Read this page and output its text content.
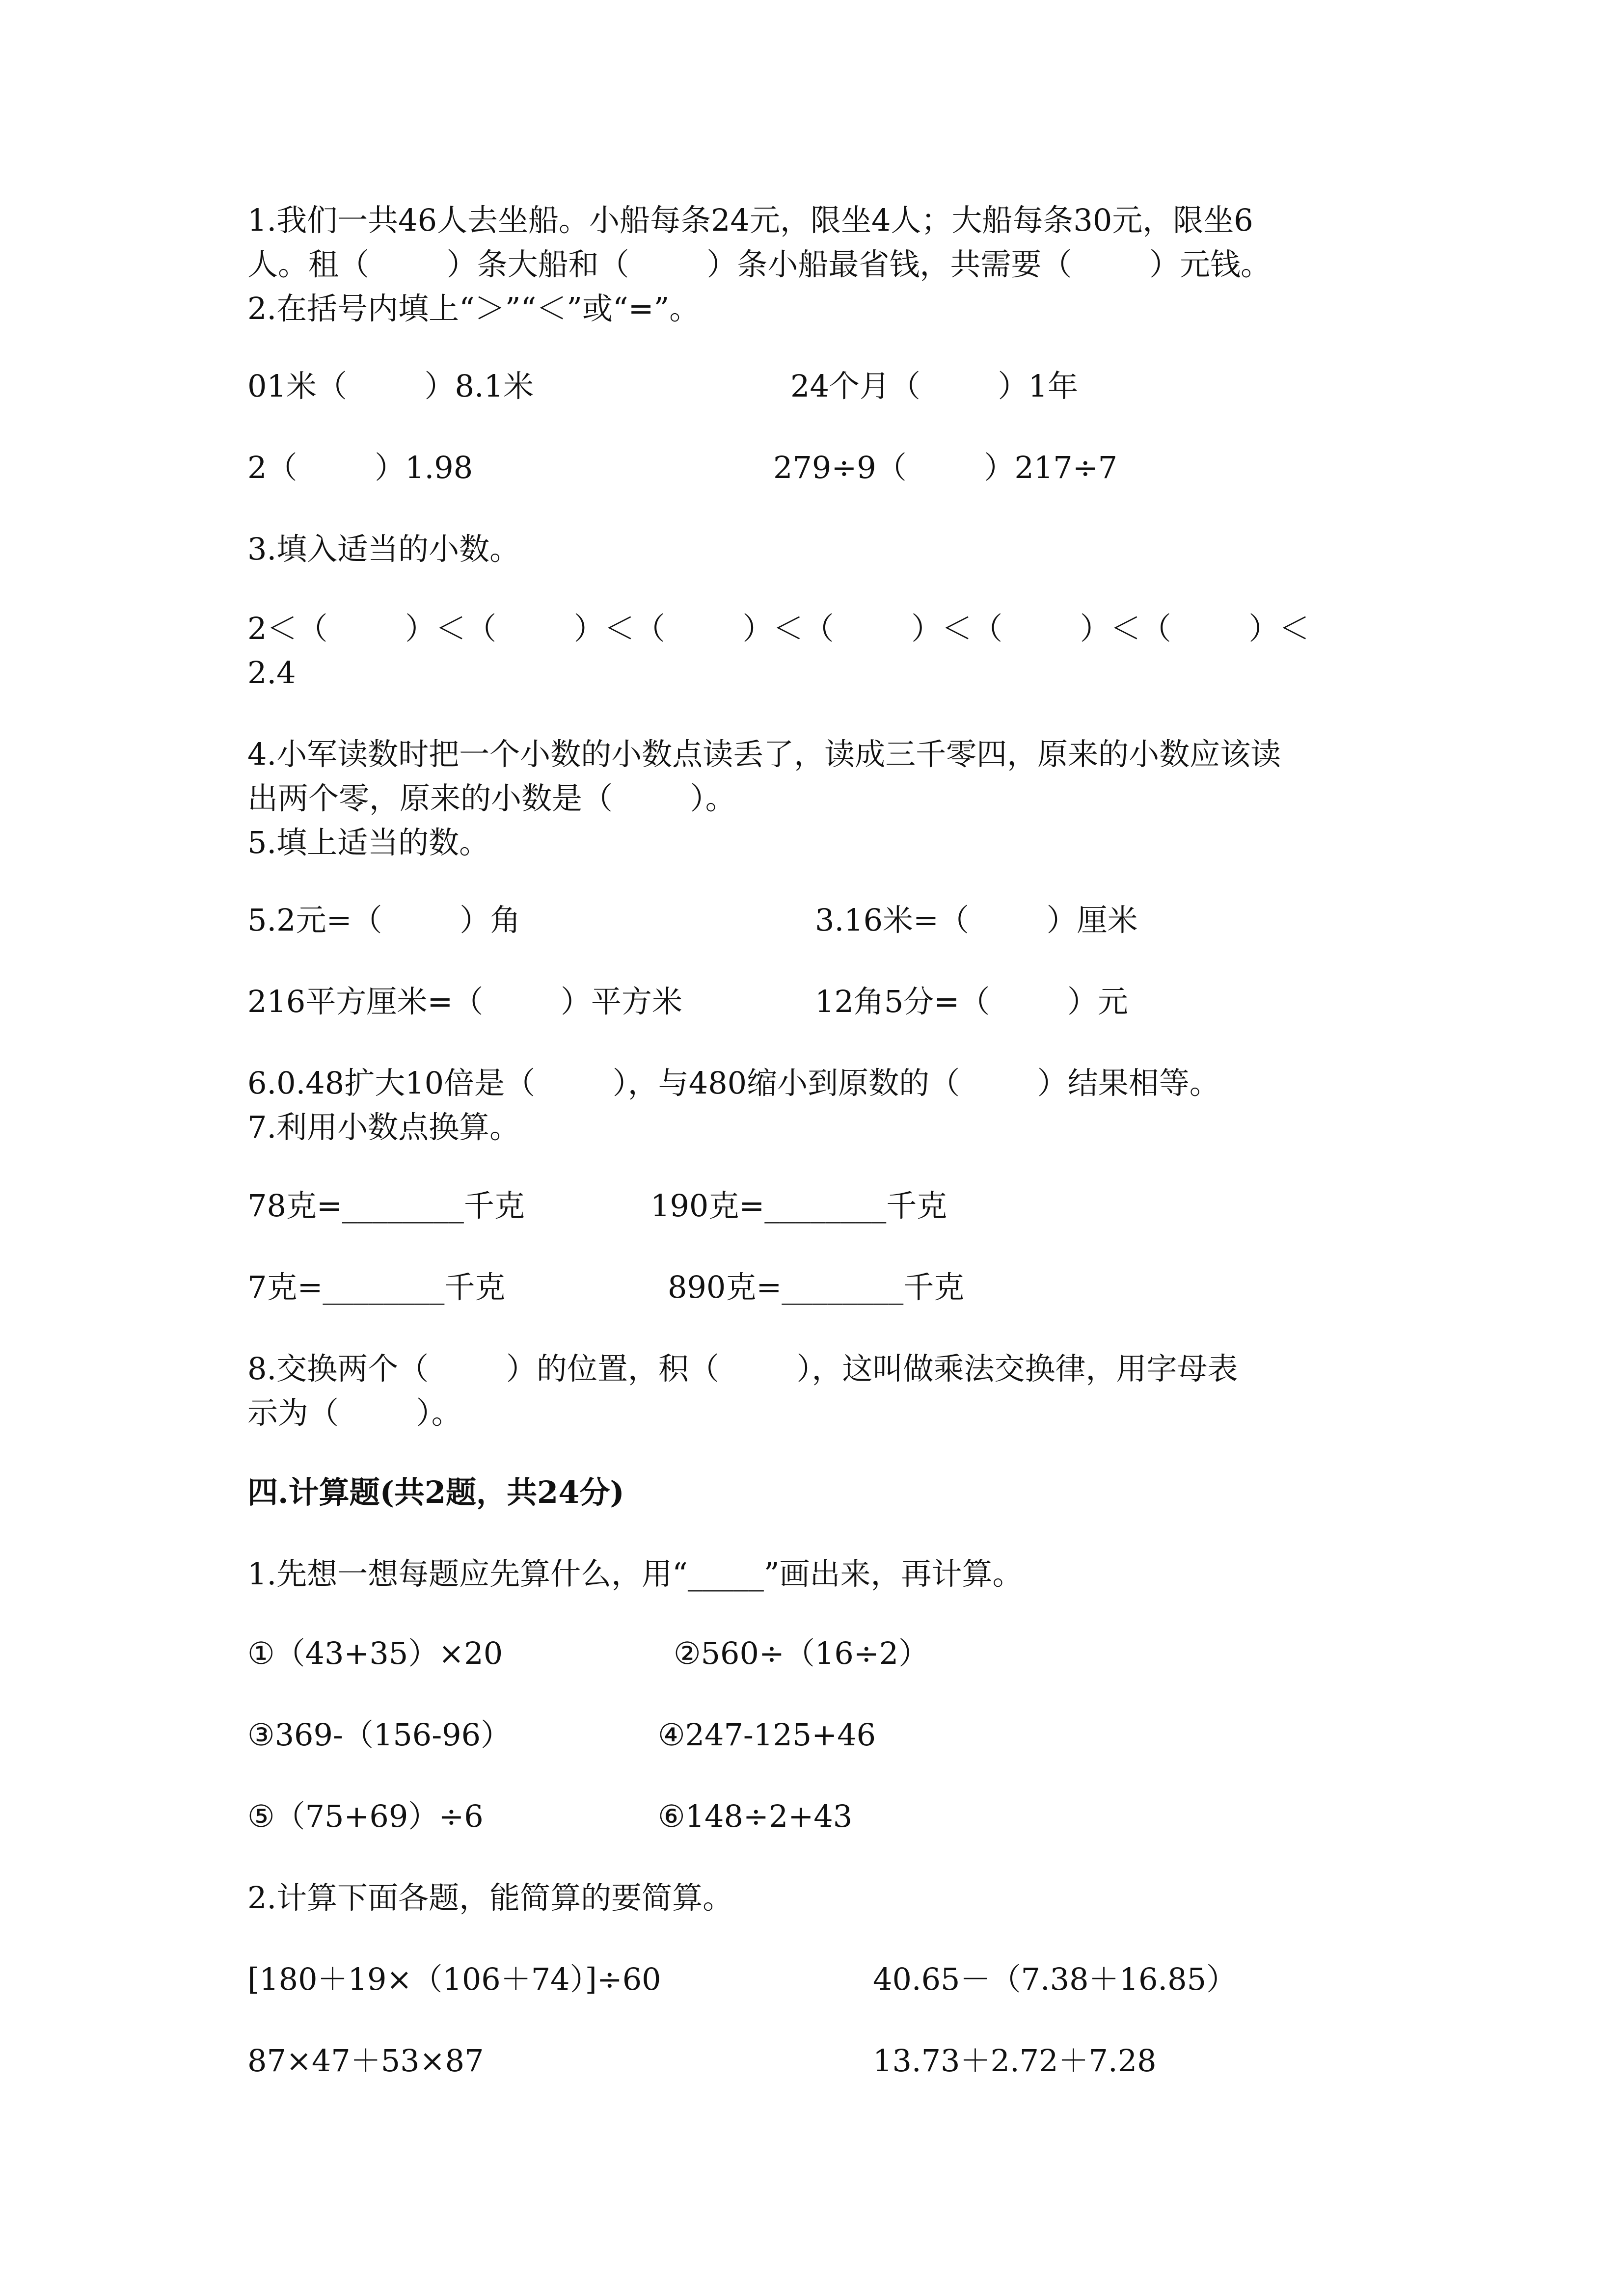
1.我们一共46人去坐船。小船每条24元，限坐4人；大船每条30元，限坐6
人。租（        ）条大船和（        ）条小船最省钱，共需要（        ）元钱。
2.在括号内填上“＞”“＜”或“=”。
01米（        ）8.1米	24个月（        ）1年
2（        ）1.98	279÷9（        ）217÷7
3.填入适当的小数。
2＜（        ）＜（        ）＜（        ）＜（        ）＜（        ）＜（        ）＜
2.4
4.小军读数时把一个小数的小数点读丢了，读成三千零四，原来的小数应该读
出两个零，原来的小数是（        ）。
5.填上适当的数。
5.2元=（        ）角	3.16米=（        ）厘米
216平方厘米=（        ）平方米	12角5分=（        ）元
6.0.48扩大10倍是（        ），与480缩小到原数的（        ）结果相等。
7.利用小数点换算。
78克=________千克	190克=________千克
7克=________千克	890克=________千克
8.交换两个（        ）的位置，积（        ），这叫做乘法交换律，用字母表
示为（        ）。
四.计算题(共2题，共24分)
1.先想一想每题应先算什么，用“_____”画出来，再计算。
①（43+35）×20	②560÷（16÷2）
③369-（156-96）	④247-125+46
⑤（75+69）÷6	⑥148÷2+43
2.计算下面各题，能简算的要简算。
[180＋19×（106＋74）]÷60	40.65－（7.38＋16.85）
87×47＋53×87	13.73＋2.72＋7.28
